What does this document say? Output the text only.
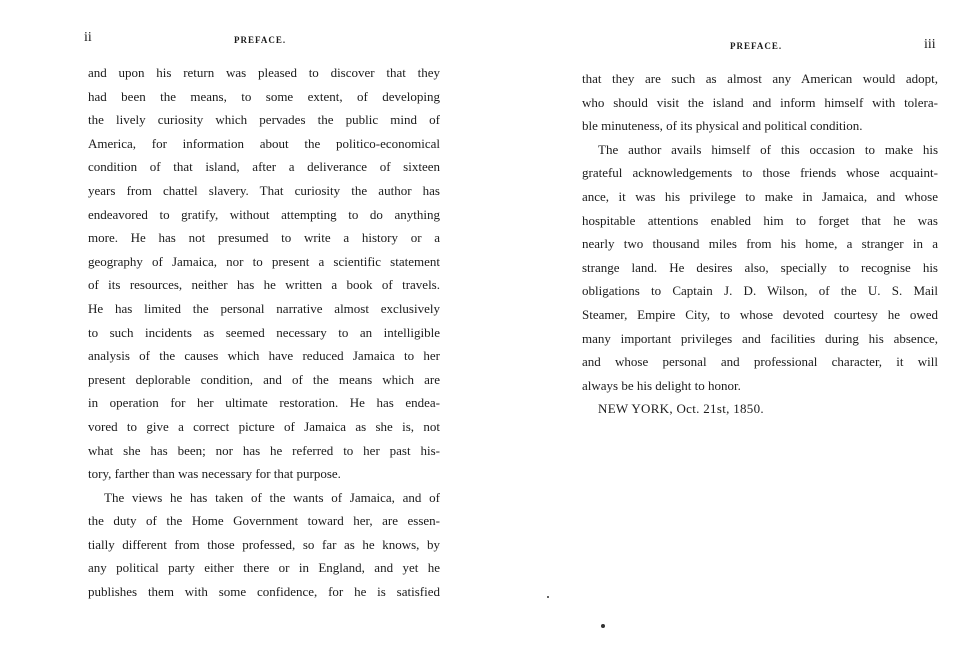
ii	PREFACE.
and upon his return was pleased to discover that they
had been the means, to some extent, of developing
the lively curiosity which pervades the public mind of
America, for information about the politico-economical
condition of that island, after a deliverance of sixteen
years from chattel slavery. That curiosity the author has
endeavored to gratify, without attempting to do anything
more. He has not presumed to write a history or a
geography of Jamaica, nor to present a scientific statement
of its resources, neither has he written a book of travels.
He has limited the personal narrative almost exclusively
to such incidents as seemed necessary to an intelligible
analysis of the causes which have reduced Jamaica to her
present deplorable condition, and of the means which are
in operation for her ultimate restoration. He has endea-
vored to give a correct picture of Jamaica as she is, not
what she has been; nor has he referred to her past his-
tory, farther than was necessary for that purpose.
The views he has taken of the wants of Jamaica, and of
the duty of the Home Government toward her, are essen-
tially different from those professed, so far as he knows, by
any political party either there or in England, and yet he
publishes them with some confidence, for he is satisfied
PREFACE.	iii
that they are such as almost any American would adopt,
who should visit the island and inform himself with tolera-
ble minuteness, of its physical and political condition.
The author avails himself of this occasion to make his
grateful acknowledgements to those friends whose acquaint-
ance, it was his privilege to make in Jamaica, and whose
hospitable attentions enabled him to forget that he was
nearly two thousand miles from his home, a stranger in a
strange land. He desires also, specially to recognise his
obligations to Captain J. D. Wilson, of the U. S. Mail
Steamer, Empire City, to whose devoted courtesy he owed
many important privileges and facilities during his absence,
and whose personal and professional character, it will
always be his delight to honor.
NEW YORK, Oct. 21st, 1850.
